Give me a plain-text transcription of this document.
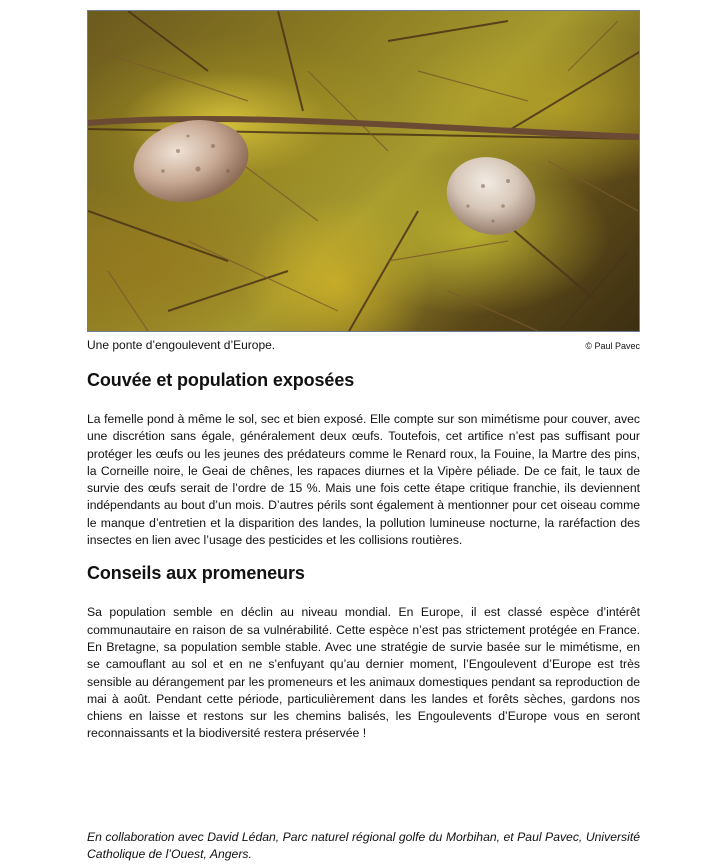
Une ponte d’engoulevent d’Europe.	© Paul Pavec
Couvée et population exposées

La femelle pond à même le sol, sec et bien exposé. Elle compte sur son mimétisme pour couver, avec une discrétion sans égale, généralement deux œufs. Toutefois, cet artifice n’est pas suffisant pour protéger les œufs ou les jeunes des prédateurs comme le Renard roux, la Fouine, la Martre des pins, la Corneille noire, le Geai de chênes, les rapaces diurnes et la Vipère péliade. De ce fait, le taux de survie des œufs serait de l’ordre de 15 %. Mais une fois cette étape critique franchie, ils deviennent indépendants au bout d’un mois. D’autres périls sont également à mentionner pour cet oiseau comme le manque d’entretien et la disparition des landes, la pollution lumineuse nocturne, la raréfaction des insectes en lien avec l’usage des pesticides et les collisions routières.

Conseils aux promeneurs

Sa population semble en déclin au niveau mondial. En Europe, il est classé espèce d’intérêt communautaire en raison de sa vulnérabilité. Cette espèce n’est pas strictement protégée en France. En Bretagne, sa population semble stable. Avec une stratégie de survie basée sur le mimétisme, en se camouflant au sol et en ne s’enfuyant qu’au dernier moment, l’Engoulevent d’Europe est très sensible au dérangement par les promeneurs et les animaux domestiques pendant sa reproduction de mai à août. Pendant cette période, particulièrement dans les landes et forêts sèches, gardons nos chiens en laisse et restons sur les chemins balisés, les Engoulevents d’Europe vous en seront reconnaissants et la biodiversité restera préservée !

En collaboration avec David Lédan, Parc naturel régional golfe du Morbihan, et Paul Pavec, Université Catholique de l’Ouest, Angers.
